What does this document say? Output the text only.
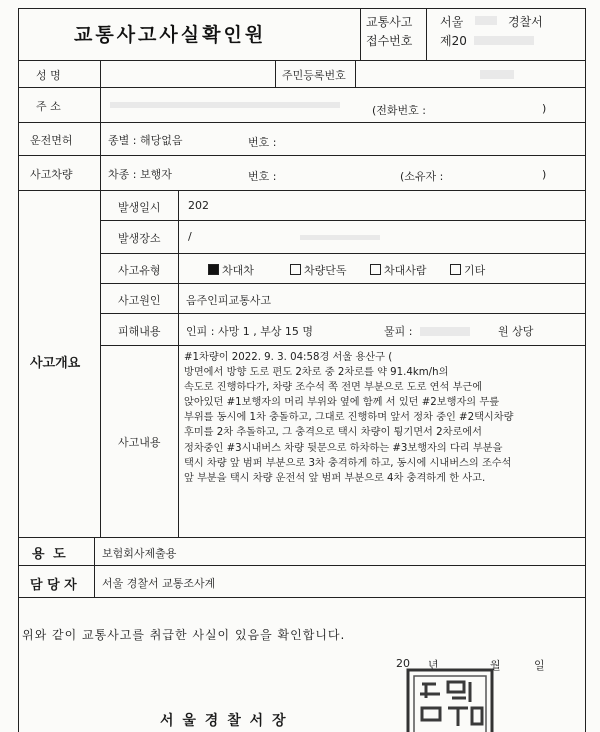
교통사고사실확인원
교통사고
접수번호
서울	경찰서
제20
성 명	주민등록번호
주 소	(전화번호 :	)
운전면허	종별 : 해당없음	번호 :
사고차량	차종 : 보행자	번호 :	(소유자 :	)
사고개요
발생일시 202
발생장소 /
사고유형	차대차	차량단독	차대사람	기타
사고원인 음주인피교통사고
피해내용 인피 : 사망 1 , 부상 15 명	물피 :	원 상당
사고내용
#1차량이 2022. 9. 3. 04:58경 서울 용산구 (
방면에서 방향 도로 편도 2차로 중 2차로를 약 91.4km/h의
속도로 진행하다가, 차량 조수석 쪽 전면 부분으로 도로 연석 부근에
앉아있던 #1보행자의 머리 부위와 옆에 함께 서 있던 #2보행자의 무릎
부위를 동시에 1차 충돌하고, 그대로 진행하며 앞서 정차 중인 #2택시차량
후미를 2차 추돌하고, 그 충격으로 택시 차량이 튕기면서 2차로에서
정차중인 #3시내버스 차량 뒷문으로 하차하는 #3보행자의 다리 부분을
택시 차량 앞 범퍼 부분으로 3차 충격하게 하고, 동시에 시내버스의 조수석
앞 부분을 택시 차량 운전석 앞 범퍼 부분으로 4차 충격하게 한 사고.
용 도	보험회사제출용
담 당 자 서울 경찰서 교통조사계
위와 같이 교통사고를 취급한 사실이 있음을 확인합니다.
20 년	월	일
서 울 경 찰 서 장
